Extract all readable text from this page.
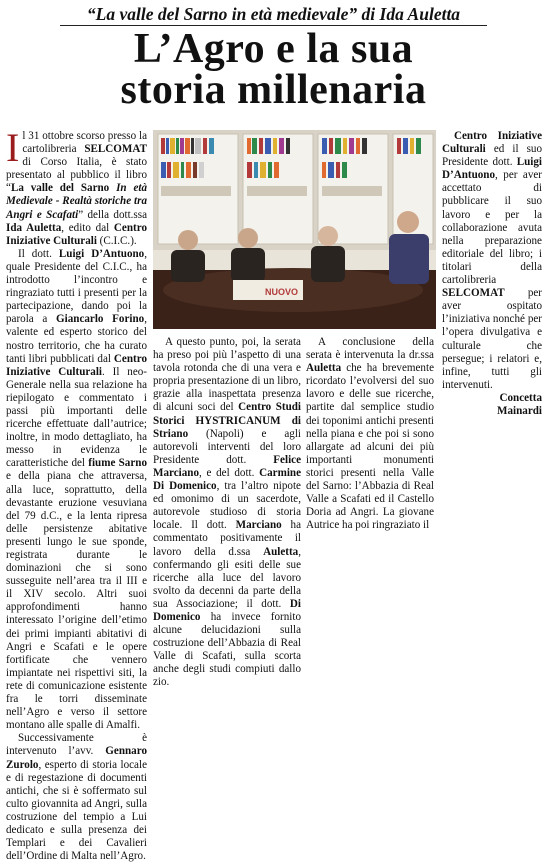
“La valle del Sarno in età medievale” di Ida Auletta
L’Agro e la sua
storia millenaria

Il 31 ottobre scorso presso la cartolibreria SELCOMAT di Corso Italia, è stato presentato al pubblico il libro “La valle del Sarno In età Medievale - Realtà storiche tra Angri e Scafati” della dott.ssa Ida Auletta, edito dal Centro Iniziative Culturali (C.I.C.).

Il dott. Luigi D’Antuono, quale Presidente del C.I.C., ha introdotto l’incontro e ringraziato tutti i presenti per la partecipazione, dando poi la parola a Giancarlo Forino, valente ed esperto storico del nostro territorio, che ha curato tanti libri pubblicati dal Centro Iniziative Culturali. Il neo-Generale nella sua relazione ha riepilogato e commentato i passi più importanti delle ricerche effettuate dall’autrice; inoltre, in modo dettagliato, ha messo in evidenza le caratteristiche del fiume Sarno e della piana che attraversa, alla luce, soprattutto, della devastante eruzione vesuviana del 79 d.C., e la lenta ripresa delle persistenze abitative presenti lungo le sue sponde, registrata durante le dominazioni che si sono susseguite nell’area tra il III e il XIV secolo. Altri suoi approfondimenti hanno interessato l’origine dell’etimo dei primi impianti abitativi di Angri e Scafati e le opere fortificate che vennero impiantate nei rispettivi siti, la rete di comunicazione esistente fra le torri disseminate nell’Agro e verso il settore montano alle spalle di Amalfi.

Successivamente è intervenuto l’avv. Gennaro Zurolo, esperto di storia locale e di regestazione di documenti antichi, che si è soffermato sul culto giovannita ad Angri, sulla costruzione del tempio a Lui dedicato e sulla presenza dei Templari e dei Cavalieri dell’Ordine di Malta nell’Agro.

NUOVO

A questo punto, poi, la serata ha preso poi più l’aspetto di una tavola rotonda che di una vera e propria presentazione di un libro, grazie alla inaspettata presenza di alcuni soci del Centro Studi Storici HYSTRICANUM di Striano (Napoli) e agli autorevoli interventi del loro Presidente dott. Felice Marciano, e del dott. Carmine Di Domenico, tra l’altro nipote ed omonimo di un sacerdote, autorevole studioso di storia locale. Il dott. Marciano ha commentato positivamente il lavoro della d.ssa Auletta, confermando gli esiti delle sue ricerche alla luce del lavoro svolto da decenni da parte della sua Associazione; il dott. Di Domenico ha invece fornito alcune delucidazioni sulla costruzione dell’Abbazia di Real Valle di Scafati, sulla scorta anche degli studi compiuti dallo zio.

A conclusione della serata è intervenuta la dr.ssa Auletta che ha brevemente ricordato l’evolversi del suo lavoro e delle sue ricerche, partite dal semplice studio dei toponimi antichi presenti nella piana e che poi si sono allargate ad alcuni dei più importanti monumenti storici presenti nella Valle del Sarno: l’Abbazia di Real Valle a Scafati ed il Castello Doria ad Angri. La giovane Autrice ha poi ringraziato il

Centro Iniziative Culturali ed il suo Presidente dott. Luigi D’Antuono, per aver accettato di pubblicare il suo lavoro e per la collaborazione avuta nella preparazione editoriale del libro; i titolari della cartolibreria SELCOMAT per aver ospitato l’iniziativa nonché per l’opera divulgativa e culturale che persegue; i relatori e, infine, tutti gli intervenuti.

Concetta

Mainardi
